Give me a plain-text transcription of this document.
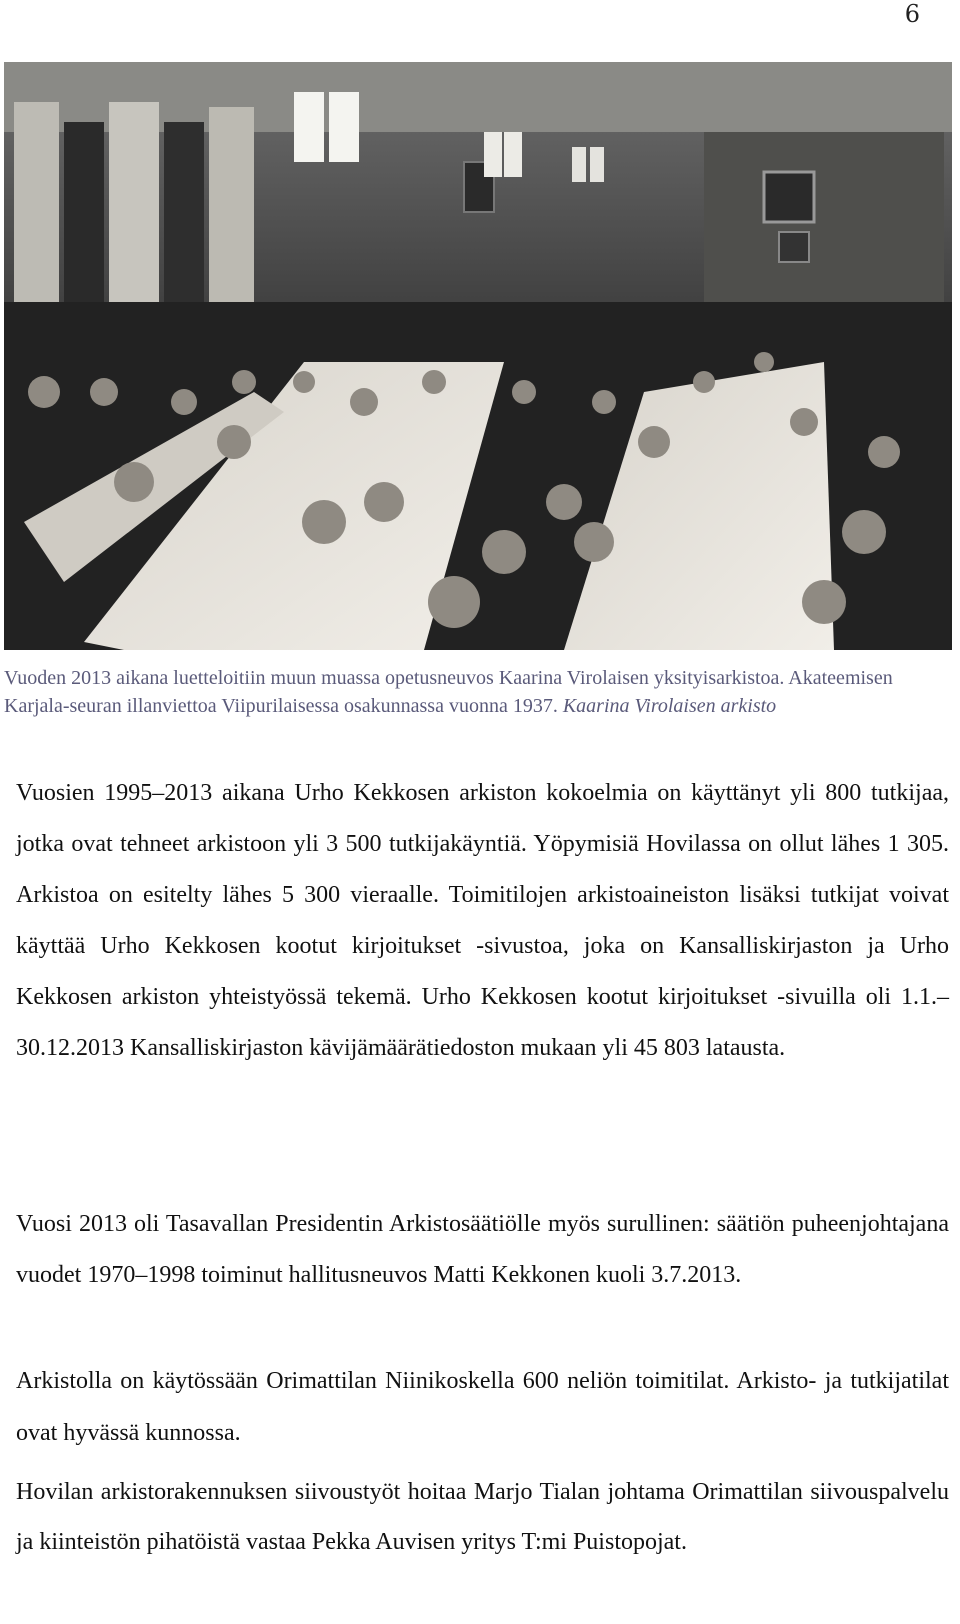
6
Vuoden 2013 aikana luetteloitiin muun muassa opetusneuvos Kaarina Virolaisen yksityisarkistoa. Akateemisen Karjala-seuran illanviettoa Viipurilaisessa osakunnassa vuonna 1937. Kaarina Virolaisen arkisto

Vuosien 1995–2013 aikana Urho Kekkosen arkiston kokoelmia on käyttänyt yli 800 tutkijaa, jotka ovat tehneet arkistoon yli 3 500 tutkijakäyntiä. Yöpymisiä Hovilassa on ollut lähes 1 305. Arkistoa on esitelty lähes 5 300 vieraalle. Toimitilojen arkistoaineiston lisäksi tutkijat voivat käyttää Urho Kekkosen kootut kirjoitukset -sivustoa, joka on Kansalliskirjaston ja Urho Kekkosen arkiston yhteistyössä tekemä. Urho Kekkosen kootut kirjoitukset -sivuilla oli 1.1.–30.12.2013 Kansalliskirjaston kävijämäärätiedoston mukaan yli 45 803 latausta.

Vuosi 2013 oli Tasavallan Presidentin Arkistosäätiölle myös surullinen: säätiön puheenjohtajana vuodet 1970–1998 toiminut hallitusneuvos Matti Kekkonen kuoli 3.7.2013.

Arkistolla on käytössään Orimattilan Niinikoskella 600 neliön toimitilat. Arkisto- ja tutkijatilat ovat hyvässä kunnossa.

Hovilan arkistorakennuksen siivoustyöt hoitaa Marjo Tialan johtama Orimattilan siivouspalvelu ja kiinteistön pihatöistä vastaa Pekka Auvisen yritys T:mi Puistopojat.
